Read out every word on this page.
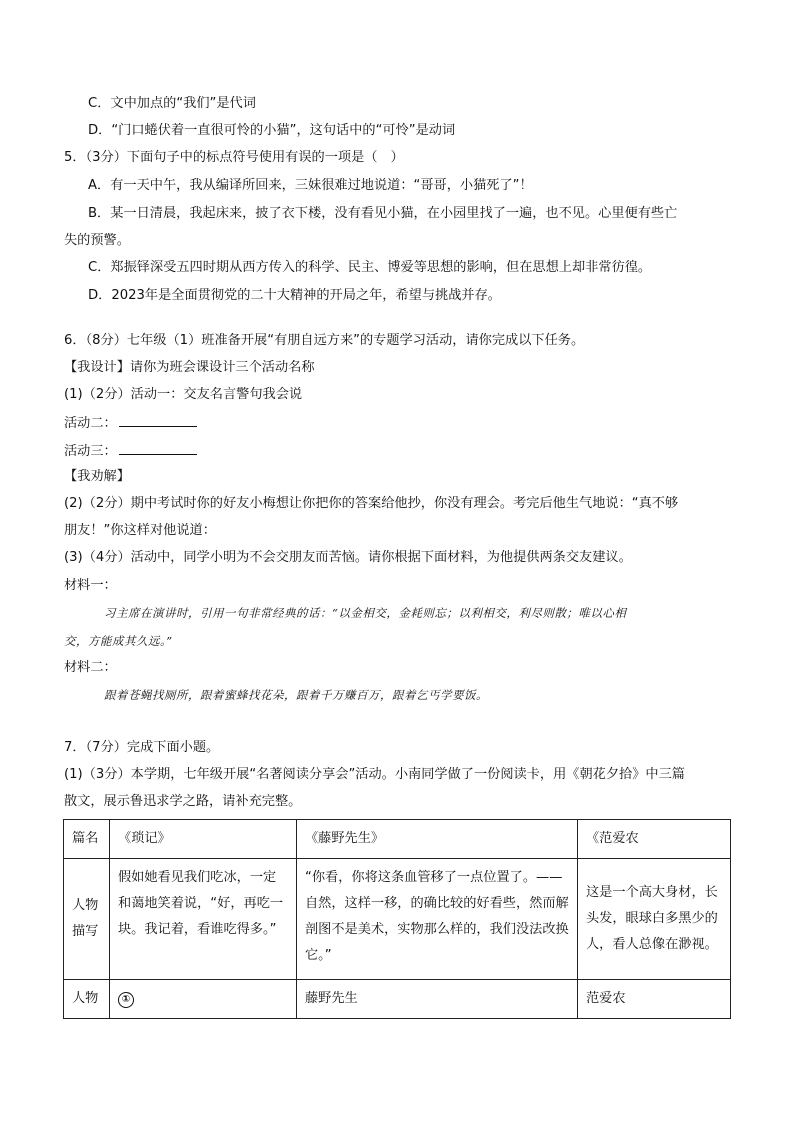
C．文中加点的“我们”是代词
D．“门口蜷伏着一直很可怜的小猫”，这句话中的“可怜”是动词
5．（3分）下面句子中的标点符号使用有误的一项是（　）
A．有一天中午，我从编译所回来，三妹很难过地说道：“哥哥，小猫死了”！
B．某一日清晨，我起床来，披了衣下楼，没有看见小猫，在小园里找了一遍，也不见。心里便有些亡
失的预警。
C．郑振铎深受五四时期从西方传入的科学、民主、博爱等思想的影响，但在思想上却非常彷徨。
D．2023年是全面贯彻党的二十大精神的开局之年，希望与挑战并存。
6．（8分）七年级（1）班准备开展“有朋自远方来”的专题学习活动，请你完成以下任务。
【我设计】请你为班会课设计三个活动名称
(1)（2分）活动一：交友名言警句我会说
活动二：
活动三：
【我劝解】
(2)（2分）期中考试时你的好友小梅想让你把你的答案给他抄，你没有理会。考完后他生气地说：“真不够
朋友！”你这样对他说道：
(3)（4分）活动中，同学小明为不会交朋友而苦恼。请你根据下面材料，为他提供两条交友建议。
材料一：
习主席在演讲时，引用一句非常经典的话：“以金相交，金耗则忘；以利相交，利尽则散；唯以心相
交，方能成其久远。”
材料二：
跟着苍蝇找厕所，跟着蜜蜂找花朵，跟着千万赚百万，跟着乞丐学要饭。
7．（7分）完成下面小题。
(1)（3分）本学期，七年级开展“名著阅读分享会”活动。小南同学做了一份阅读卡，用《朝花夕拾》中三篇
散文，展示鲁迅求学之路，请补充完整。
篇名	《琐记》	《藤野先生》	《范爱农

人物
描写	假如她看见我们吃冰，一定和蔼地笑着说，“好，再吃一块。我记着，看谁吃得多。”	“你看，你将这条血管移了一点位置了。——自然，这样一移，的确比较的好看些，然而解剖图不是美术，实物那么样的，我们没法改换它。”	这是一个高大身材，长头发，眼球白多黑少的人，看人总像在渺视。
人物	①	藤野先生	范爱农
